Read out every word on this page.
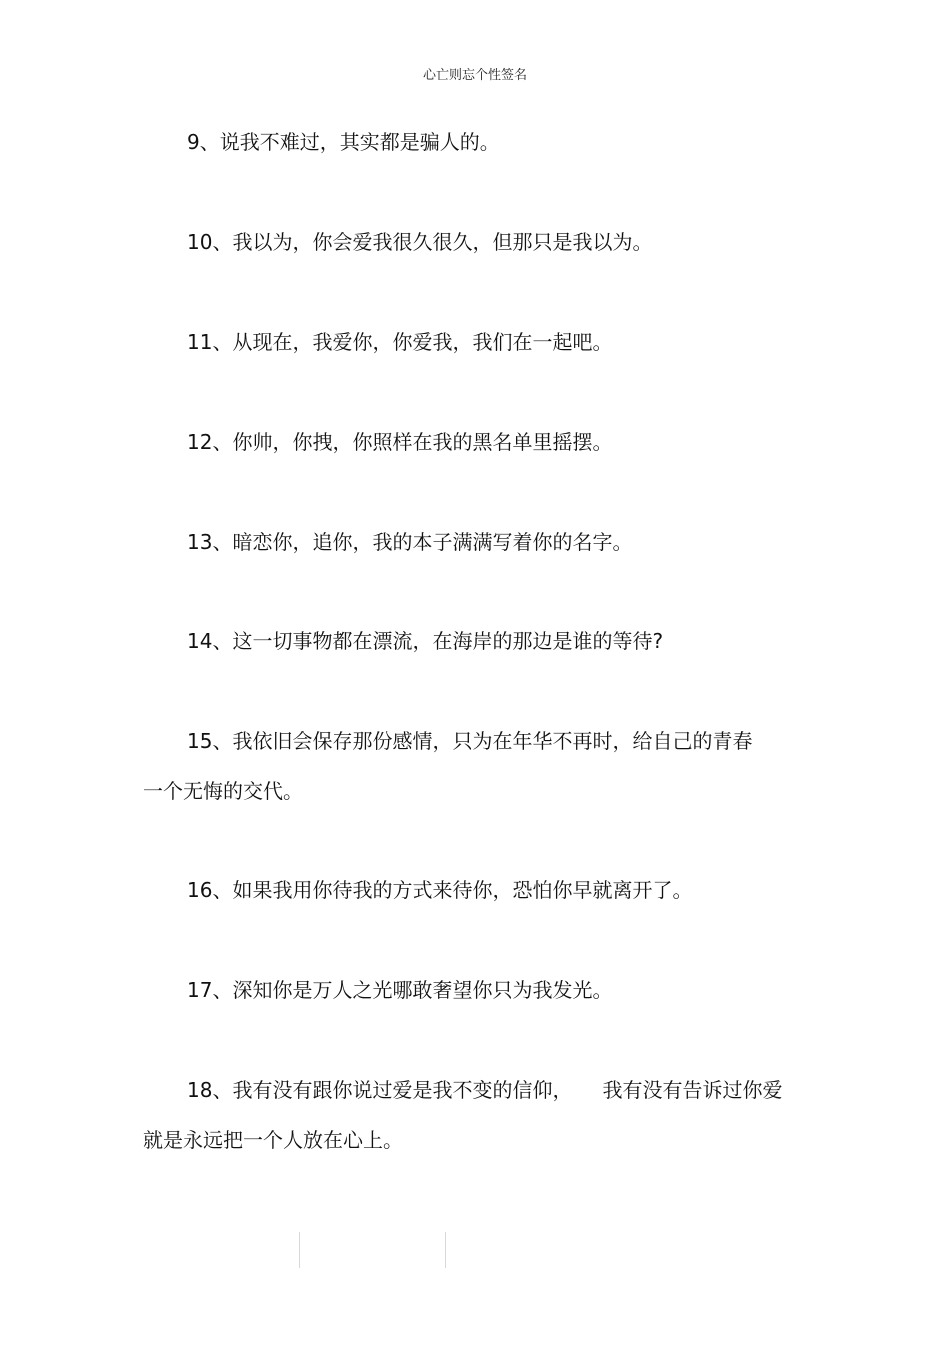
心亡则忘个性签名

9、说我不难过，其实都是骗人的。

10、我以为，你会爱我很久很久，但那只是我以为。

11、从现在，我爱你，你爱我，我们在一起吧。

12、你帅，你拽，你照样在我的黑名单里摇摆。

13、暗恋你，追你，我的本子满满写着你的名字。

14、这一切事物都在漂流，在海岸的那边是谁的等待?

15、我依旧会保存那份感情，只为在年华不再时，给自己的青春
一个无悔的交代。

16、如果我用你待我的方式来待你，恐怕你早就离开了。

17、深知你是万人之光哪敢奢望你只为我发光。

18、我有没有跟你说过爱是我不变的信仰， 我有没有告诉过你爱
就是永远把一个人放在心上。
